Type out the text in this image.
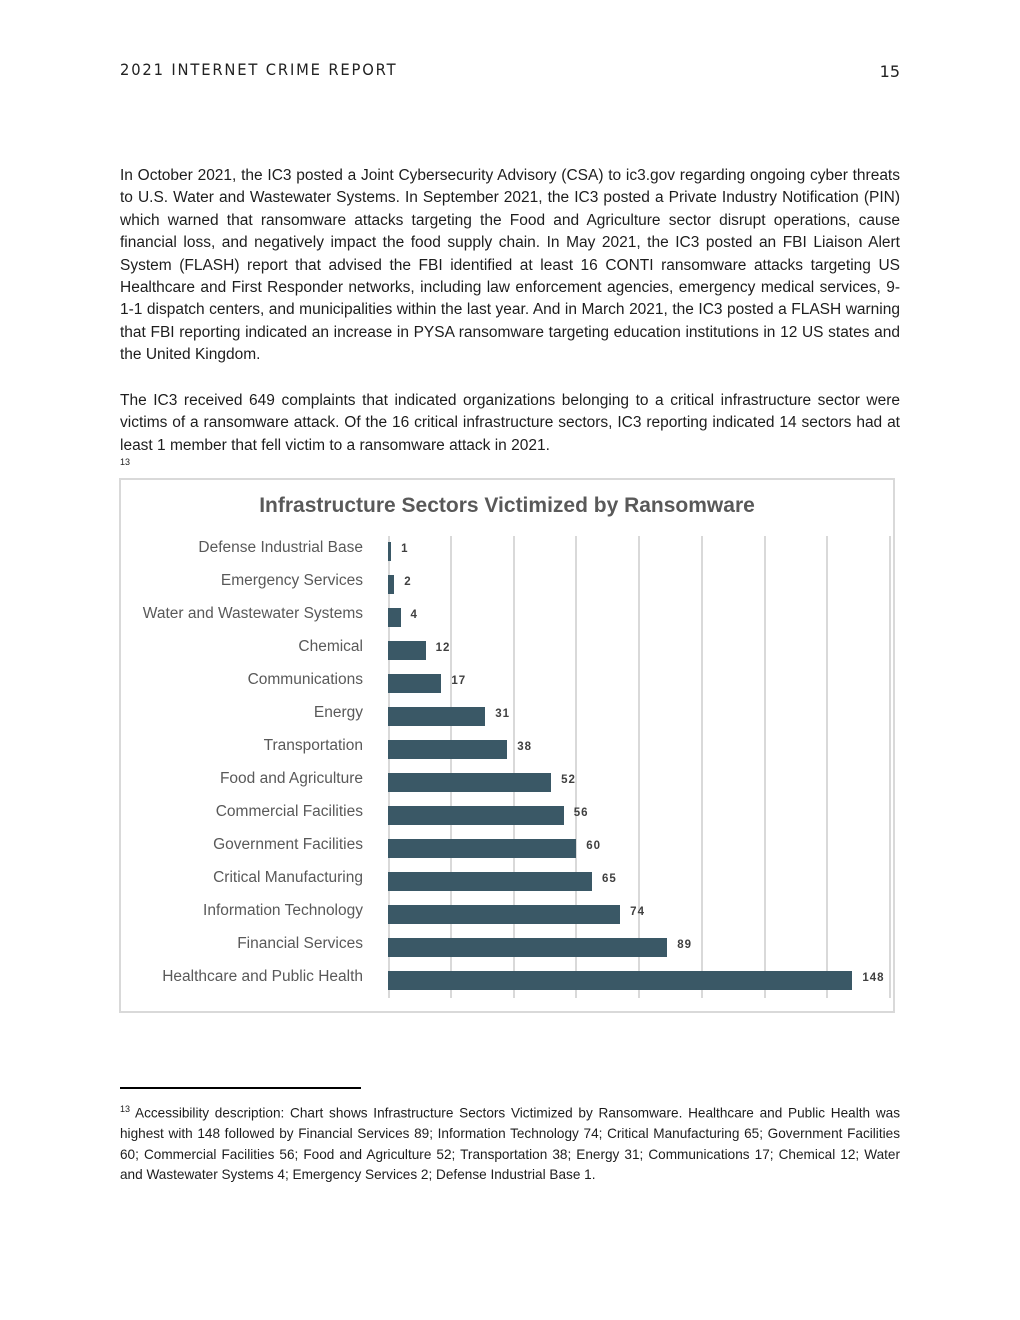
2021 INTERNET CRIME REPORT	15
In October 2021, the IC3 posted a Joint Cybersecurity Advisory (CSA) to ic3.gov regarding ongoing cyber threats to U.S. Water and Wastewater Systems. In September 2021, the IC3 posted a Private Industry Notification (PIN) which warned that ransomware attacks targeting the Food and Agriculture sector disrupt operations, cause financial loss, and negatively impact the food supply chain. In May 2021, the IC3 posted an FBI Liaison Alert System (FLASH) report that advised the FBI identified at least 16 CONTI ransomware attacks targeting US Healthcare and First Responder networks, including law enforcement agencies, emergency medical services, 9-1-1 dispatch centers, and municipalities within the last year. And in March 2021, the IC3 posted a FLASH warning that FBI reporting indicated an increase in PYSA ransomware targeting education institutions in 12 US states and the United Kingdom.
The IC3 received 649 complaints that indicated organizations belonging to a critical infrastructure sector were victims of a ransomware attack. Of the 16 critical infrastructure sectors, IC3 reporting indicated 14 sectors had at least 1 member that fell victim to a ransomware attack in 2021.
13
Infrastructure Sectors Victimized by Ransomware
Defense Industrial Base	1
Emergency Services	2
Water and Wastewater Systems	4
Chemical	12
Communications	17
Energy	31
Transportation	38
Food and Agriculture	52
Commercial Facilities	56
Government Facilities	60
Critical Manufacturing	65
Information Technology	74
Financial Services	89
Healthcare and Public Health	148
$^{13}$ Accessibility description: Chart shows Infrastructure Sectors Victimized by Ransomware. Healthcare and Public Health was highest with 148 followed by Financial Services 89; Information Technology 74; Critical Manufacturing 65; Government Facilities 60; Commercial Facilities 56; Food and Agriculture 52; Transportation 38; Energy 31; Communications 17; Chemical 12; Water and Wastewater Systems 4; Emergency Services 2; Defense Industrial Base 1.
